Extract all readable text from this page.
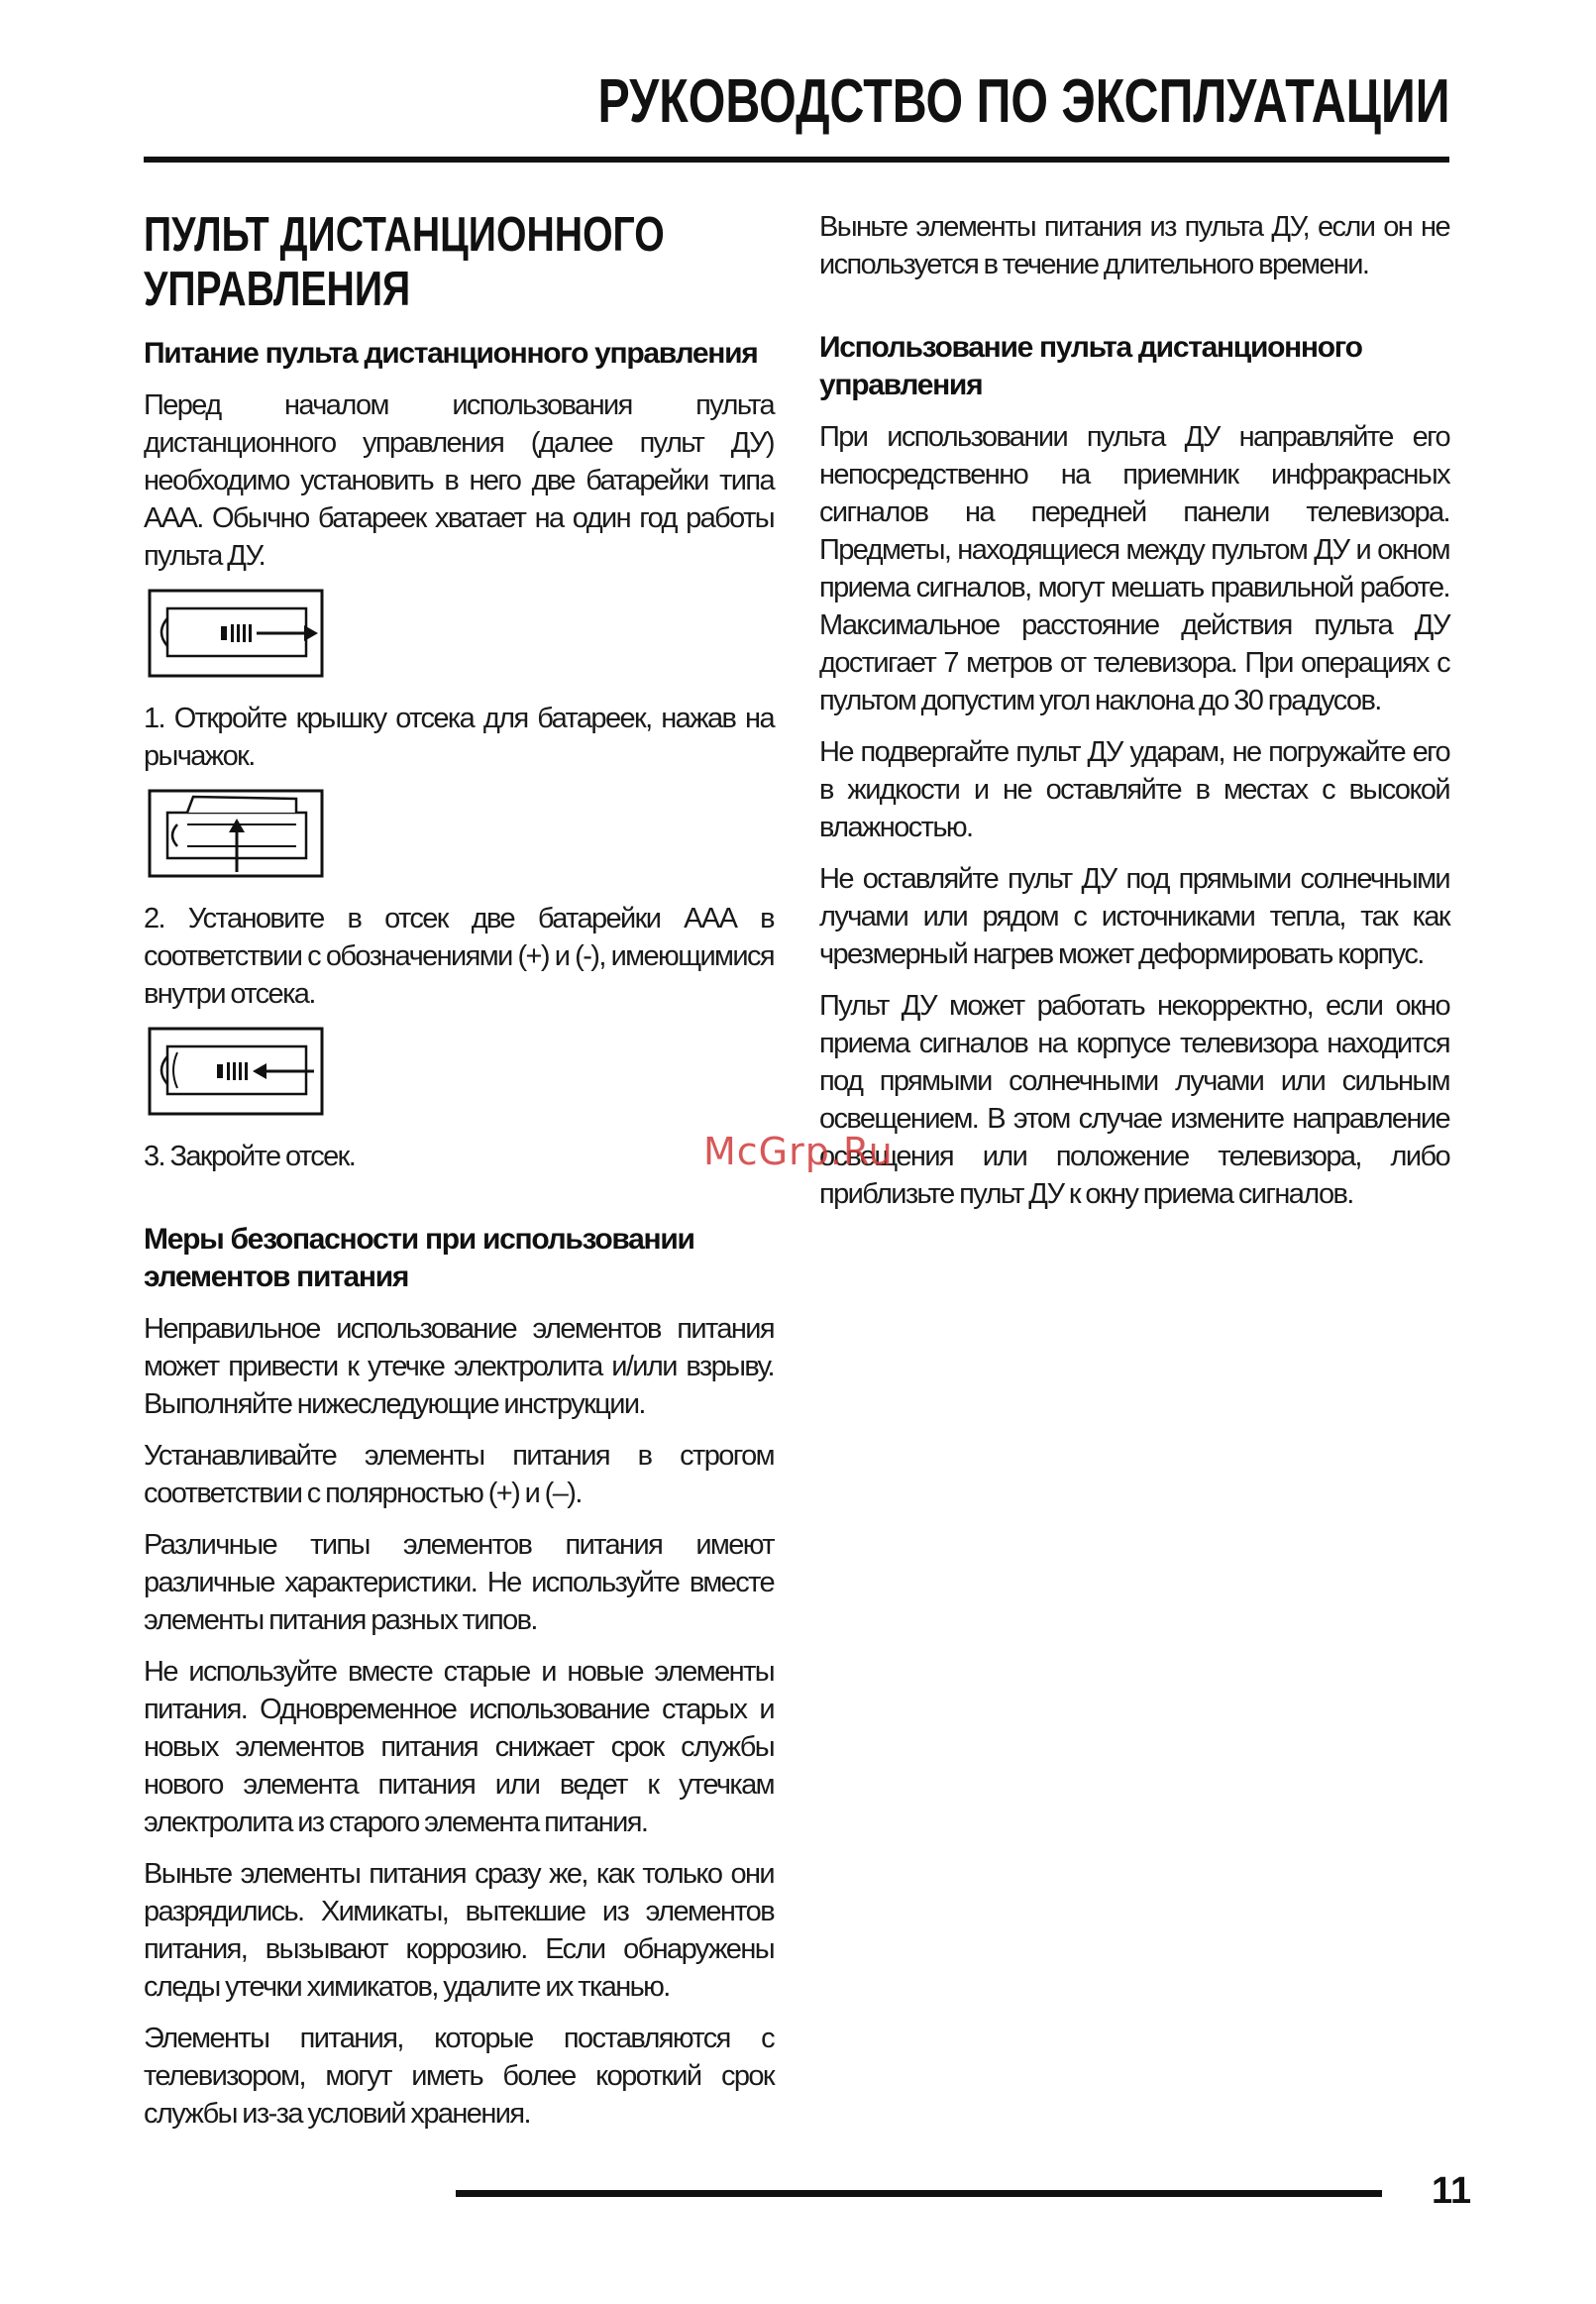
РУКОВОДСТВО ПО ЭКСПЛУАТАЦИИ
ПУЛЬТ ДИСТАНЦИОННОГО
УПРАВЛЕНИЯ
Питание пульта дистанционного управления

Перед началом использования пульта дистанционного управления (далее пульт ДУ) необходимо установить в него две батарейки типа ААА. Обычно батареек хватает на один год работы пульта ДУ.

1. Откройте крышку отсека для батареек, нажав на рычажок.

2. Установите в отсек две батарейки ААА в соответствии с обозначениями (+) и (-), имеющимися внутри отсека.

3. Закройте отсек.

Меры безопасности при использовании элементов питания

Неправильное использование элементов питания может привести к утечке электролита и/или взрыву. Выполняйте нижеследующие инструкции.

Устанавливайте элементы питания в строгом соответствии с полярностью (+) и (–).

Различные типы элементов питания имеют различные характеристики. Не используйте вместе элементы питания разных типов.

Не используйте вместе старые и новые элементы питания. Одновременное использование старых и новых элементов питания снижает срок службы нового элемента питания или ведет к утечкам электролита из старого элемента питания.

Выньте элементы питания сразу же, как только они разрядились. Химикаты, вытекшие из элементов питания, вызывают коррозию. Если обнаружены следы утечки химикатов, удалите их тканью.

Элементы питания, которые поставляются с телевизором, могут иметь более короткий срок службы из-за условий хранения.

Выньте элементы питания из пульта ДУ, если он не используется в течение длительного времени.

Использование пульта дистанционного управления

При использовании пульта ДУ направляйте его непосредственно на приемник инфракрасных сигналов на передней панели телевизора. Предметы, находящиеся между пультом ДУ и окном приема сигналов, могут мешать правильной работе. Максимальное расстояние действия пульта ДУ достигает 7 метров от телевизора. При операциях с пультом допустим угол наклона до 30 градусов.

Не подвергайте пульт ДУ ударам, не погружайте его в жидкости и не оставляйте в местах с высокой влажностью.

Не оставляйте пульт ДУ под прямыми солнечными лучами или рядом с источниками тепла, так как чрезмерный нагрев может деформировать корпус.

Пульт ДУ может работать некорректно, если окно приема сигналов на корпусе телевизора находится под прямыми солнечными лучами или сильным освещением. В этом случае измените направление освещения или положение телевизора, либо приблизьте пульт ДУ к окну приема сигналов.

McGrp.Ru
11
